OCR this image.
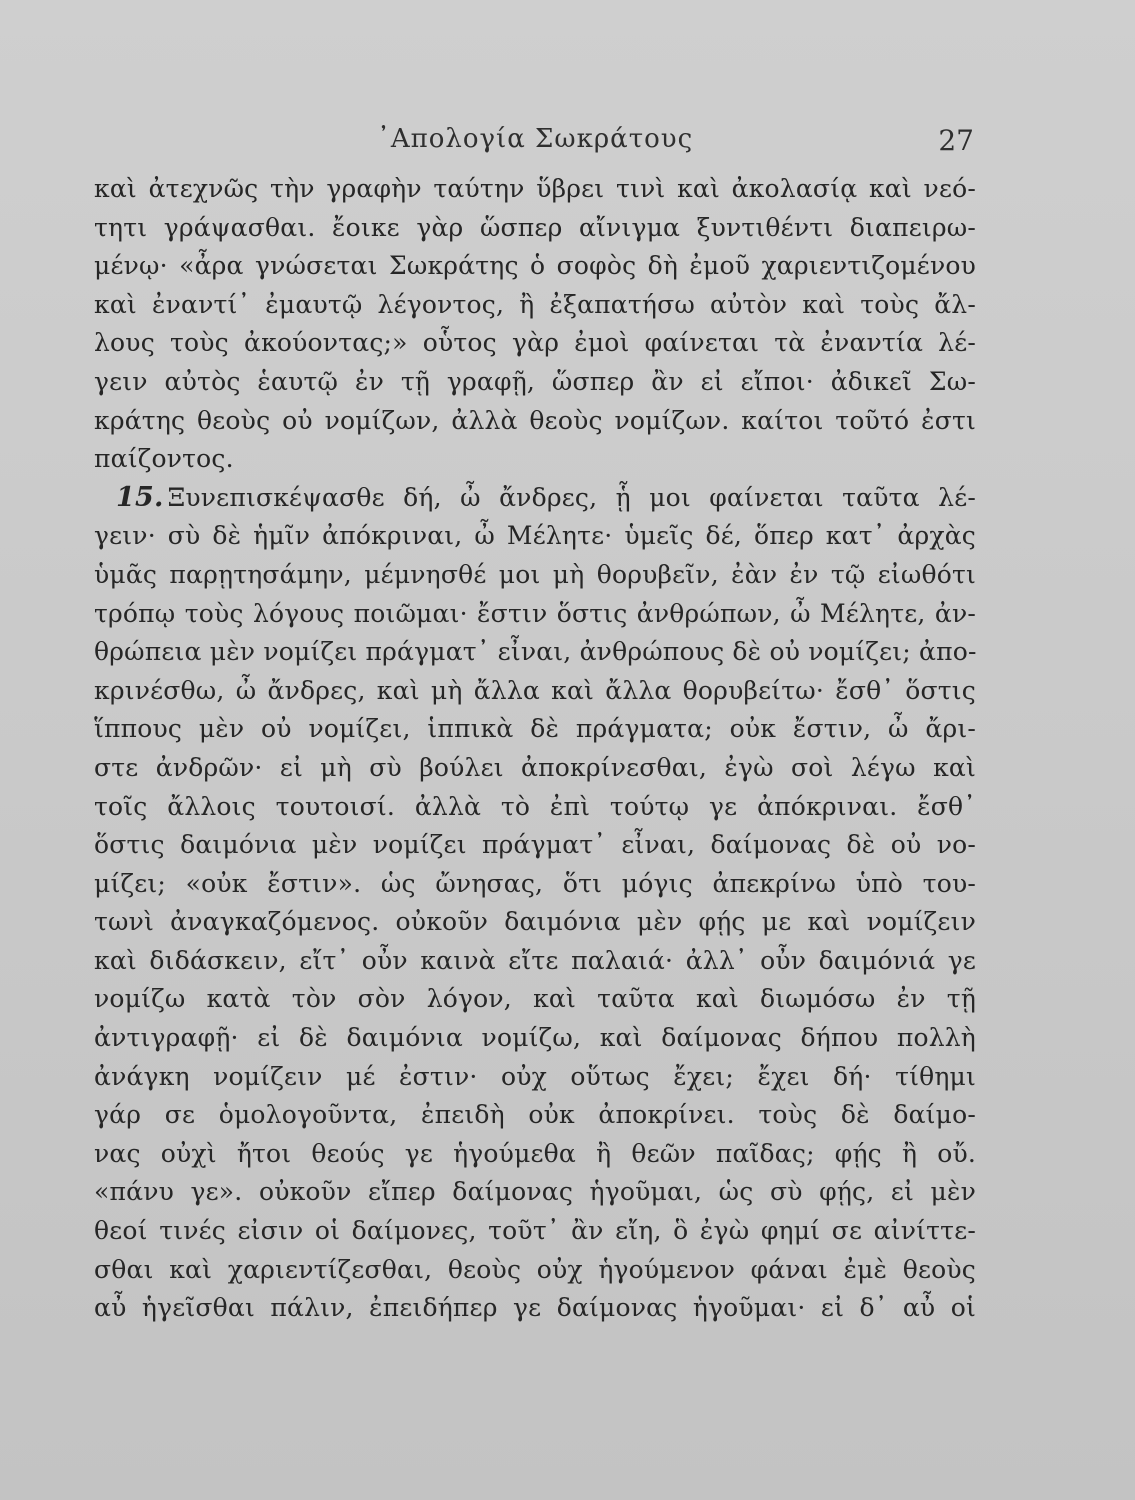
᾿Απολογία Σωκράτους	27
καὶ ἀτεχνῶς τὴν γραφὴν ταύτην ὕβρει τινὶ καὶ ἀκολασίᾳ καὶ νεό-
τητι γράψασθαι. ἔοικε γὰρ ὥσπερ αἴνιγμα ξυντιθέντι διαπειρω-
μένῳ· «ἆρα γνώσεται Σωκράτης ὁ σοφὸς δὴ ἐμοῦ χαριεντιζομένου
καὶ ἐναντί᾿ ἐμαυτῷ λέγοντος, ἢ ἐξαπατήσω αὐτὸν καὶ τοὺς ἄλ-
λους τοὺς ἀκούοντας;» οὗτος γὰρ ἐμοὶ φαίνεται τὰ ἐναντία λέ-
γειν αὐτὸς ἑαυτῷ ἐν τῇ γραφῇ, ὥσπερ ἂν εἰ εἴποι· ἀδικεῖ Σω-
κράτης θεοὺς οὐ νομίζων, ἀλλὰ θεοὺς νομίζων. καίτοι τοῦτό ἐστι
παίζοντος.
15. Ξυνεπισκέψασθε δή, ὦ ἄνδρες, ᾗ μοι φαίνεται ταῦτα λέ-
γειν· σὺ δὲ ἡμῖν ἀπόκριναι, ὦ Μέλητε· ὑμεῖς δέ, ὅπερ κατ᾿ ἀρχὰς
ὑμᾶς παρῃτησάμην, μέμνησθέ μοι μὴ θορυβεῖν, ἐὰν ἐν τῷ εἰωθότι
τρόπῳ τοὺς λόγους ποιῶμαι· ἔστιν ὅστις ἀνθρώπων, ὦ Μέλητε, ἀν-
θρώπεια μὲν νομίζει πράγματ᾿ εἶναι, ἀνθρώπους δὲ οὐ νομίζει; ἀπο-
κρινέσθω, ὦ ἄνδρες, καὶ μὴ ἄλλα καὶ ἄλλα θορυβείτω· ἔσθ᾿ ὅστις
ἵππους μὲν οὐ νομίζει, ἱππικὰ δὲ πράγματα; οὐκ ἔστιν, ὦ ἄρι-
στε ἀνδρῶν· εἰ μὴ σὺ βούλει ἀποκρίνεσθαι, ἐγὼ σοὶ λέγω καὶ
τοῖς ἄλλοις τουτοισί. ἀλλὰ τὸ ἐπὶ τούτῳ γε ἀπόκριναι. ἔσθ᾿
ὅστις δαιμόνια μὲν νομίζει πράγματ᾿ εἶναι, δαίμονας δὲ οὐ νο-
μίζει; «οὐκ ἔστιν». ὡς ὤνησας, ὅτι μόγις ἀπεκρίνω ὑπὸ του-
τωνὶ ἀναγκαζόμενος. οὐκοῦν δαιμόνια μὲν φῄς με καὶ νομίζειν
καὶ διδάσκειν, εἴτ᾿ οὖν καινὰ εἴτε παλαιά· ἀλλ᾿ οὖν δαιμόνιά γε
νομίζω κατὰ τὸν σὸν λόγον, καὶ ταῦτα καὶ διωμόσω ἐν τῇ
ἀντιγραφῇ· εἰ δὲ δαιμόνια νομίζω, καὶ δαίμονας δήπου πολλὴ
ἀνάγκη νομίζειν μέ ἐστιν· οὐχ οὕτως ἔχει; ἔχει δή· τίθημι
γάρ σε ὁμολογοῦντα, ἐπειδὴ οὐκ ἀποκρίνει. τοὺς δὲ δαίμο-
νας οὐχὶ ἤτοι θεούς γε ἡγούμεθα ἢ θεῶν παῖδας; φῄς ἢ οὔ.
«πάνυ γε». οὐκοῦν εἴπερ δαίμονας ἡγοῦμαι, ὡς σὺ φῄς, εἰ μὲν
θεοί τινές εἰσιν οἱ δαίμονες, τοῦτ᾿ ἂν εἴη, ὃ ἐγὼ φημί σε αἰνίττε-
σθαι καὶ χαριεντίζεσθαι, θεοὺς οὐχ ἡγούμενον φάναι ἐμὲ θεοὺς
αὖ ἡγεῖσθαι πάλιν, ἐπειδήπερ γε δαίμονας ἡγοῦμαι· εἰ δ᾿ αὖ οἱ
